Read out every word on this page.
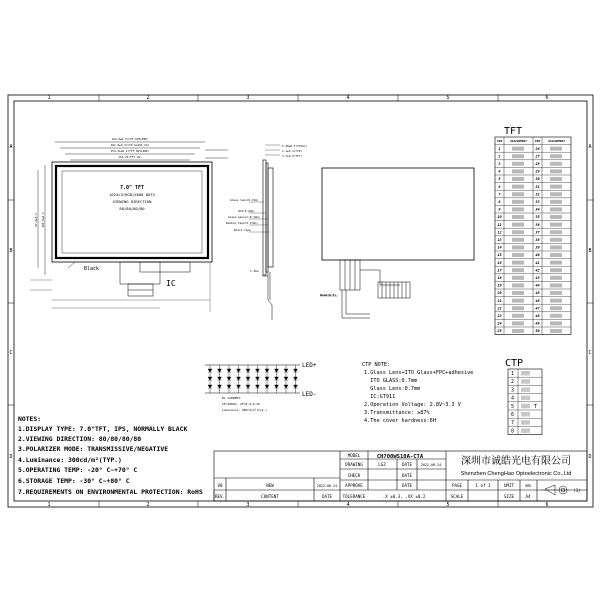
1	2	3	4	5	6
1	2	3	4	5	6
A
B
C
D
A
B
C
D
164.9±0.3(CTP OUTLINE)
161.0±0.3(CTP GLASS VA)
154.21±0.2(TFT OUTLINE)
154.21(TFT VA)
101.6±0.3
97.0±0.3
7.0" TFT
1024×3(RGB)X600 DOTS
VIEWING DIRECTION
80/80/80/80
Black
IC
5.20±0.3(TOTAL)
1.1±0.1(CTP)
3.7±0.3(TFT)
Glass lens(0.7mm)
OCA(0.2mm)
Glass sensor(0.7mm)
Bubble tape(0.17mm)
Black tape
1.3mm
Bend(0.5)
LED+
LED-
BL CURRENT:
IF=180mA, VF=8.4~9.2V
Luminance: 300cd/m²(typ.)
TFT
PIN	ASSIGNMENT	PIN	ASSIGNMENT
1	26
2	27
3	28
4	29
5	30
6	31
7	32
8	33
9	34
10	35
11	36
12	37
13	38
14	39
15	40
16	41
17	42
18	43
19	44
20	45
21	46
22	47
23	48
24	49
25	50
CTP
1
2
3
4
5	T
6
7
8
CTP NOTE:
1.Glass Lens+ITO Glass+FPC+adhesive
ITO GLASS:0.7mm
Glass Lens:0.7mm
IC:GT911
2.Operation Voltage: 2.8V~3.3 V
3.Transmittance: ≥87%
4.The cover hardness:6H
NOTES:
1.DISPLAY TYPE: 7.0"TFT, IPS, NORMALLY BLACK
2.VIEWING DIRECTION: 80/80/80/80
3.POLARIZER MODE: TRANSMISSIVE/NEGATIVE
4.Luminance: 300cd/m²(TYP.)
5.OPERATING TEMP: -20° C~+70° C
6.STORAGE TEMP: -30° C~+80° C
7.REQUIREMENTS ON ENVIRONMENTAL PROTECTION: RoHS
MODEL	CH700WS10A-CTA
DRAWING	LGZ	DATE	2022.08.24
CHECK	DATE
APPROVE	DATE
深圳市诚皓光电有限公司
Shenzhen ChengHao Optoelectronic Co.,Ltd
PAGE	1 of 1	UMIT	mm
SCALE	SIZE	A4
(3)
TOLERANCE	.X ±0.3, .XX ±0.2
V0	NEW	2022.08.24
REV.	CONTENT	DATE
